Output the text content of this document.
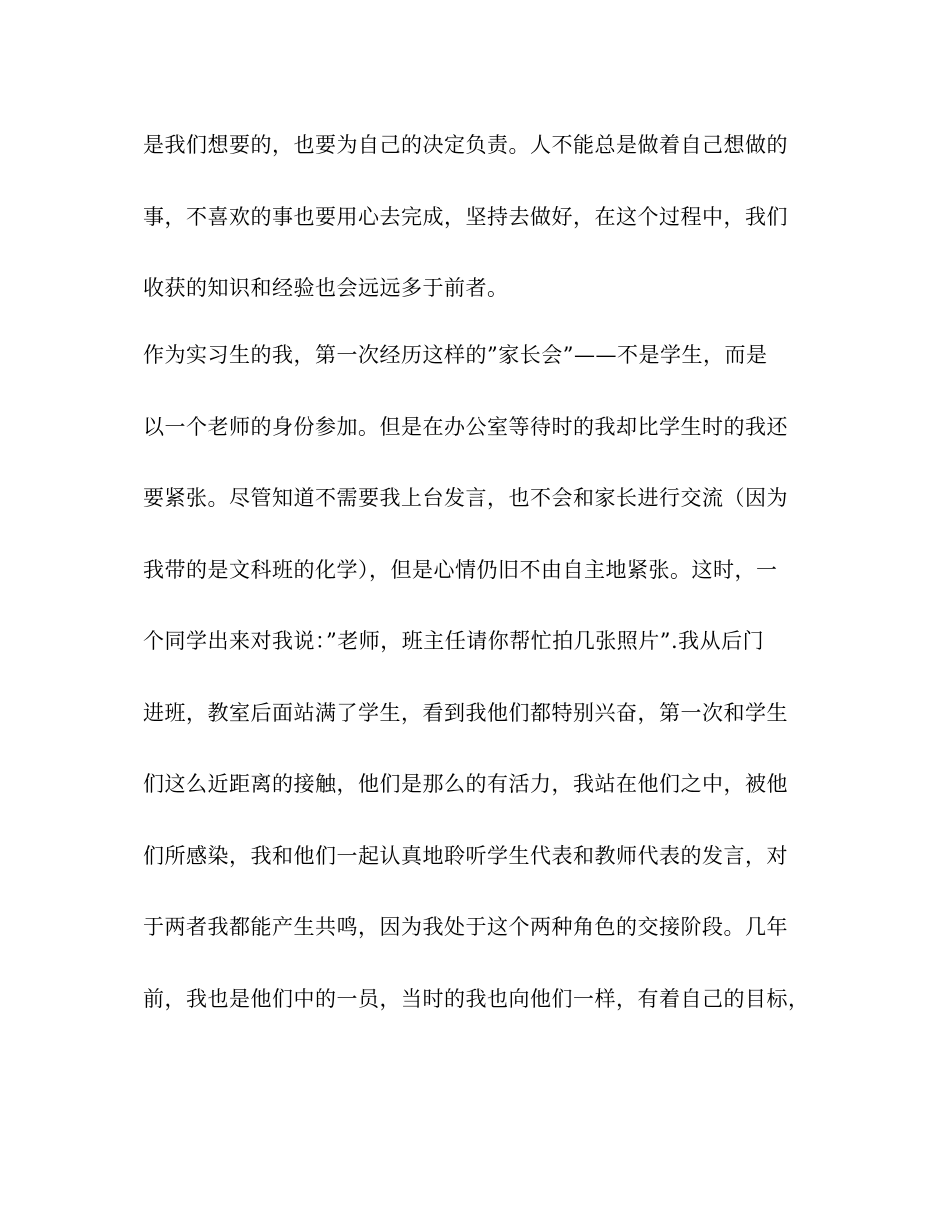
是我们想要的，也要为自己的决定负责。人不能总是做着自己想做的
事，不喜欢的事也要用心去完成，坚持去做好，在这个过程中，我们
收获的知识和经验也会远远多于前者。
作为实习生的我，第一次经历这样的”家长会”——不是学生，而是
以一个老师的身份参加。但是在办公室等待时的我却比学生时的我还
要紧张。尽管知道不需要我上台发言，也不会和家长进行交流（因为
我带的是文科班的化学），但是心情仍旧不由自主地紧张。这时，一
个同学出来对我说：”老师，班主任请你帮忙拍几张照片”.我从后门
进班，教室后面站满了学生，看到我他们都特别兴奋，第一次和学生
们这么近距离的接触，他们是那么的有活力，我站在他们之中，被他
们所感染，我和他们一起认真地聆听学生代表和教师代表的发言，对
于两者我都能产生共鸣，因为我处于这个两种角色的交接阶段。几年
前，我也是他们中的一员，当时的我也向他们一样，有着自己的目标，
